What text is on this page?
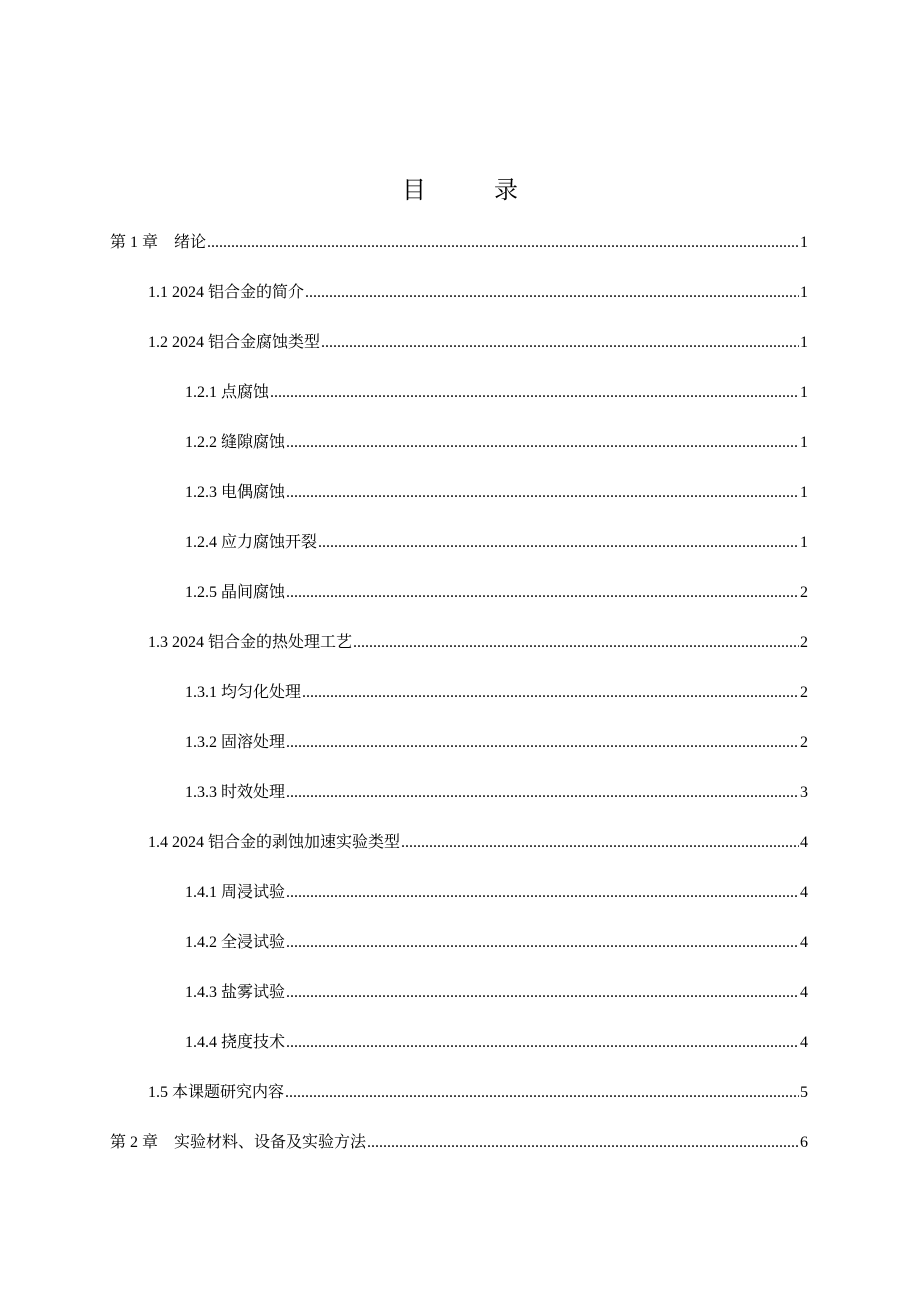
目　录
第 1 章　绪论 .....	1
1.1 2024 铝合金的简介 .....	1
1.2 2024 铝合金腐蚀类型 .....	1
1.2.1 点腐蚀 .....	1
1.2.2 缝隙腐蚀 .....	1
1.2.3 电偶腐蚀 .....	1
1.2.4 应力腐蚀开裂 .....	1
1.2.5 晶间腐蚀 .....	2
1.3 2024 铝合金的热处理工艺 .....	2
1.3.1 均匀化处理 .....	2
1.3.2 固溶处理 .....	2
1.3.3 时效处理 .....	3
1.4 2024 铝合金的剥蚀加速实验类型 .....	4
1.4.1 周浸试验 .....	4
1.4.2 全浸试验 .....	4
1.4.3 盐雾试验 .....	4
1.4.4 挠度技术 .....	4
1.5 本课题研究内容 .....	5
第 2 章　实验材料、设备及实验方法 .....	6
